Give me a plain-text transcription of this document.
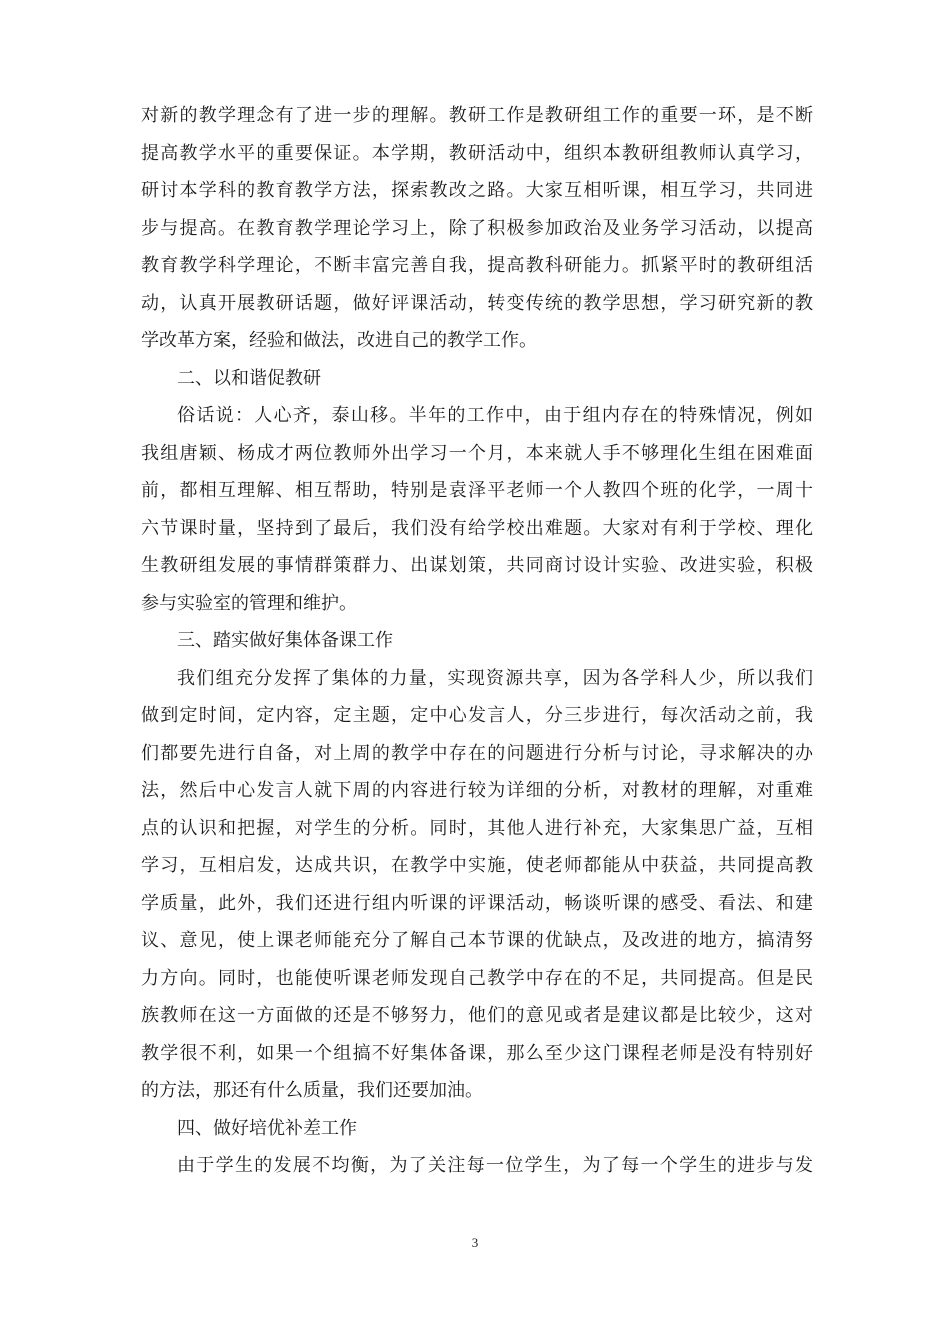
对 新 的 教 学 理 念 有 了 进 一 步 的 理 解 。 教 研 工 作 是 教 研 组 工 作 的 重 要 一 环 ， 是 不 断
提 高 教 学 水 平 的 重 要 保 证 。 本 学 期 ， 教 研 活 动 中 ， 组 织 本 教 研 组 教 师 认 真 学 习 ，
研 讨 本 学 科 的 教 育 教 学 方 法 ， 探 索 教 改 之 路 。 大 家 互 相 听 课 ， 相 互 学 习 ， 共 同 进
步 与 提 高 。 在 教 育 教 学 理 论 学 习 上 ， 除 了 积 极 参 加 政 治 及 业 务 学 习 活 动 ， 以 提 高
教 育 教 学 科 学 理 论 ， 不 断 丰 富 完 善 自 我 ， 提 高 教 科 研 能 力 。 抓 紧 平 时 的 教 研 组 活
动 ， 认 真 开 展 教 研 话 题 ， 做 好 评 课 活 动 ， 转 变 传 统 的 教 学 思 想 ， 学 习 研 究 新 的 教
学改革方案，经验和做法，改进自己的教学工作。
二、以和谐促教研
俗 话 说 ： 人 心 齐 ， 泰 山 移 。 半 年 的 工 作 中 ， 由 于 组 内 存 在 的 特 殊 情 况 ， 例 如
我 组 唐 颖 、 杨 成 才 两 位 教 师 外 出 学 习 一 个 月 ， 本 来 就 人 手 不 够 理 化 生 组 在 困 难 面
前 ， 都 相 互 理 解 、 相 互 帮 助 ， 特 别 是 袁 泽 平 老 师 一 个 人 教 四 个 班 的 化 学 ， 一 周 十
六 节 课 时 量 ， 坚 持 到 了 最 后 ， 我 们 没 有 给 学 校 出 难 题 。 大 家 对 有 利 于 学 校 、 理 化
生 教 研 组 发 展 的 事 情 群 策 群 力 、 出 谋 划 策 ， 共 同 商 讨 设 计 实 验 、 改 进 实 验 ， 积 极
参与实验室的管理和维护。
三、踏实做好集体备课工作
我 们 组 充 分 发 挥 了 集 体 的 力 量 ， 实 现 资 源 共 享 ， 因 为 各 学 科 人 少 ， 所 以 我 们
做 到 定 时 间 ， 定 内 容 ， 定 主 题 ， 定 中 心 发 言 人 ， 分 三 步 进 行 ， 每 次 活 动 之 前 ， 我
们 都 要 先 进 行 自 备 ， 对 上 周 的 教 学 中 存 在 的 问 题 进 行 分 析 与 讨 论 ， 寻 求 解 决 的 办
法 ， 然 后 中 心 发 言 人 就 下 周 的 内 容 进 行 较 为 详 细 的 分 析 ， 对 教 材 的 理 解 ， 对 重 难
点 的 认 识 和 把 握 ， 对 学 生 的 分 析 。 同 时 ， 其 他 人 进 行 补 充 ， 大 家 集 思 广 益 ， 互 相
学 习 ， 互 相 启 发 ， 达 成 共 识 ， 在 教 学 中 实 施 ， 使 老 师 都 能 从 中 获 益 ， 共 同 提 高 教
学 质 量 ， 此 外 ， 我 们 还 进 行 组 内 听 课 的 评 课 活 动 ， 畅 谈 听 课 的 感 受 、 看 法 、 和 建
议 、 意 见 ， 使 上 课 老 师 能 充 分 了 解 自 己 本 节 课 的 优 缺 点 ， 及 改 进 的 地 方 ， 搞 清 努
力 方 向 。 同 时 ， 也 能 使 听 课 老 师 发 现 自 己 教 学 中 存 在 的 不 足 ， 共 同 提 高 。 但 是 民
族 教 师 在 这 一 方 面 做 的 还 是 不 够 努 力 ， 他 们 的 意 见 或 者 是 建 议 都 是 比 较 少 ， 这 对
教 学 很 不 利 ， 如 果 一 个 组 搞 不 好 集 体 备 课 ， 那 么 至 少 这 门 课 程 老 师 是 没 有 特 别 好
的方法，那还有什么质量，我们还要加油。
四、做好培优补差工作
由 于 学 生 的 发 展 不 均 衡 ， 为 了 关 注 每 一 位 学 生 ， 为 了 每 一 个 学 生 的 进 步 与 发
3
